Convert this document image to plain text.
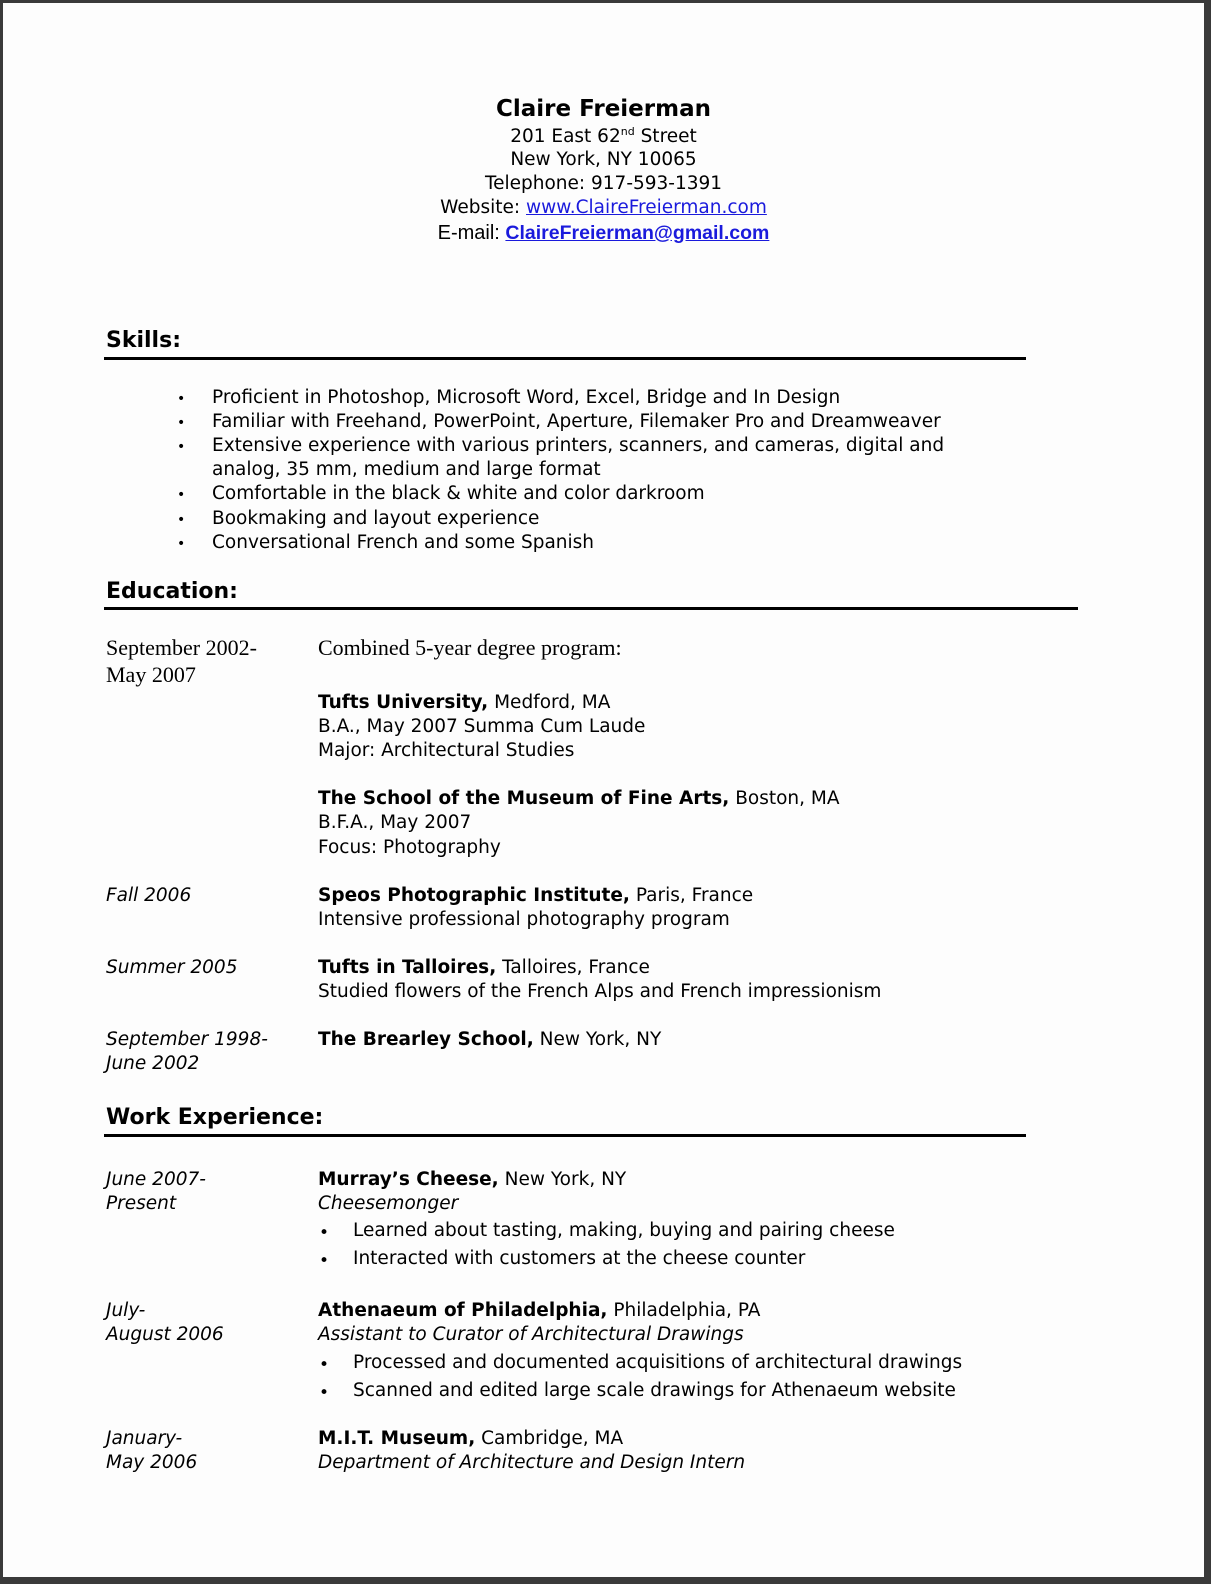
Claire Freierman
201 East 62nd Street
New York, NY 10065
Telephone: 917-593-1391
Website: www.ClaireFreierman.com
E-mail: ClaireFreierman@gmail.com
Skills:
• Proficient in Photoshop, Microsoft Word, Excel, Bridge and In Design
• Familiar with Freehand, PowerPoint, Aperture, Filemaker Pro and Dreamweaver
• Extensive experience with various printers, scanners, and cameras, digital and
analog, 35 mm, medium and large format
• Comfortable in the black & white and color darkroom
• Bookmaking and layout experience
• Conversational French and some Spanish
Education:
September 2002-
May 2007
Combined 5-year degree program:
Tufts University, Medford, MA
B.A., May 2007 Summa Cum Laude
Major: Architectural Studies
The School of the Museum of Fine Arts, Boston, MA
B.F.A., May 2007
Focus: Photography
Fall 2006	Speos Photographic Institute, Paris, France
Intensive professional photography program
Summer 2005	Tufts in Talloires, Talloires, France
Studied flowers of the French Alps and French impressionism
September 1998-
June 2002
The Brearley School, New York, NY
Work Experience:
June 2007-
Present
Murray’s Cheese, New York, NY
Cheesemonger
• Learned about tasting, making, buying and pairing cheese
• Interacted with customers at the cheese counter
July-
August 2006
Athenaeum of Philadelphia, Philadelphia, PA
Assistant to Curator of Architectural Drawings
• Processed and documented acquisitions of architectural drawings
• Scanned and edited large scale drawings for Athenaeum website
January-
May 2006
M.I.T. Museum, Cambridge, MA
Department of Architecture and Design Intern
